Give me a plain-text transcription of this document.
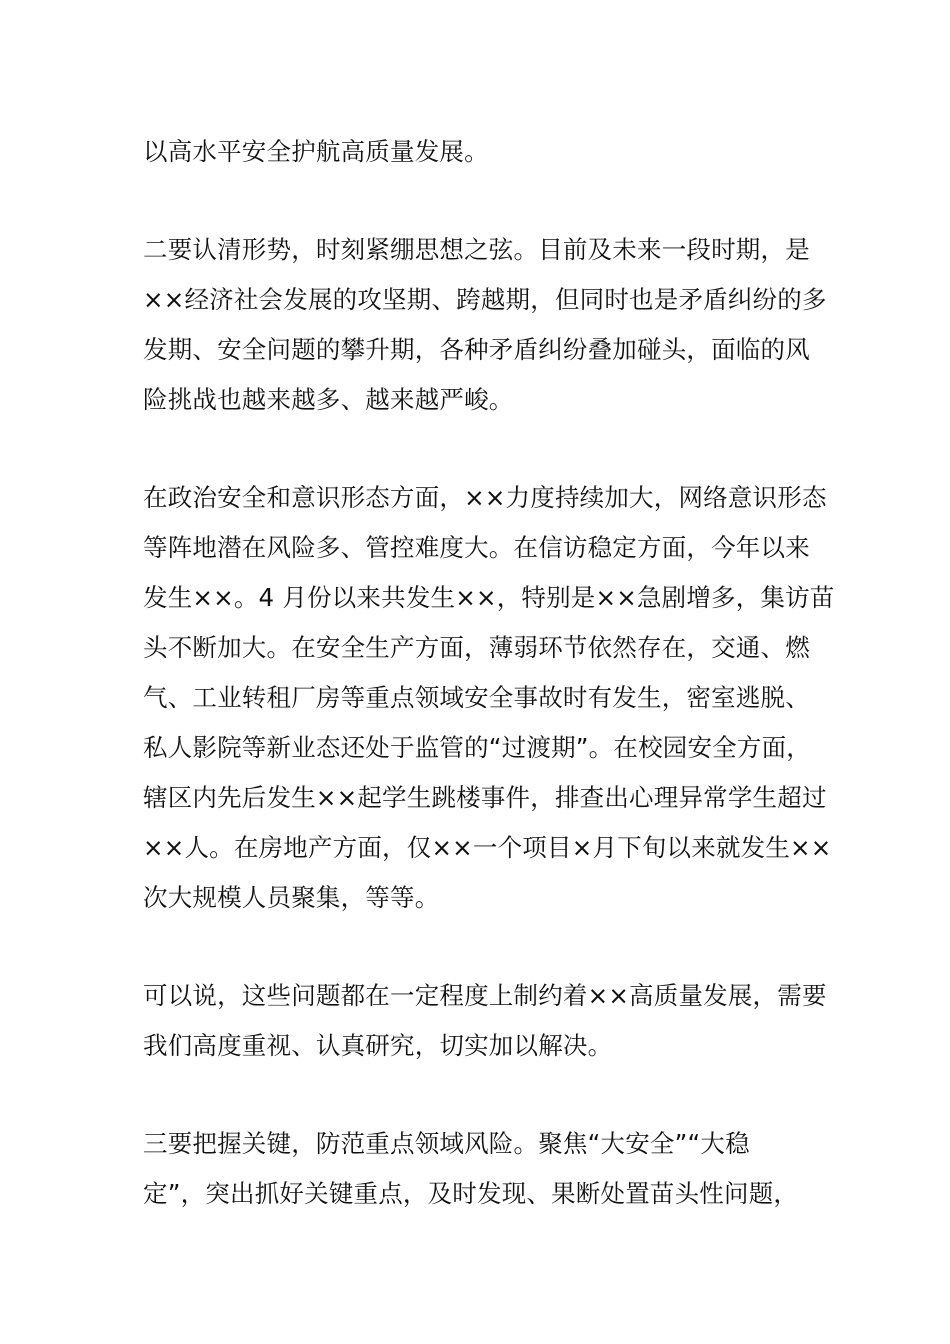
以高水平安全护航高质量发展。
二要认清形势，时刻紧绷思想之弦。目前及未来一段时期，是
××经济社会发展的攻坚期、跨越期，但同时也是矛盾纠纷的多
发期、安全问题的攀升期，各种矛盾纠纷叠加碰头，面临的风
险挑战也越来越多、越来越严峻。
在政治安全和意识形态方面，××力度持续加大，网络意识形态
等阵地潜在风险多、管控难度大。在信访稳定方面，今年以来
发生××。4 月份以来共发生××，特别是××急剧增多，集访苗
头不断加大。在安全生产方面，薄弱环节依然存在，交通、燃
气、工业转租厂房等重点领域安全事故时有发生，密室逃脱、
私人影院等新业态还处于监管的“过渡期”。在校园安全方面，
辖区内先后发生××起学生跳楼事件，排查出心理异常学生超过
××人。在房地产方面，仅××一个项目×月下旬以来就发生××
次大规模人员聚集，等等。
可以说，这些问题都在一定程度上制约着××高质量发展，需要
我们高度重视、认真研究，切实加以解决。
三要把握关键，防范重点领域风险。聚焦“大安全”“大稳
定”，突出抓好关键重点，及时发现、果断处置苗头性问题，
